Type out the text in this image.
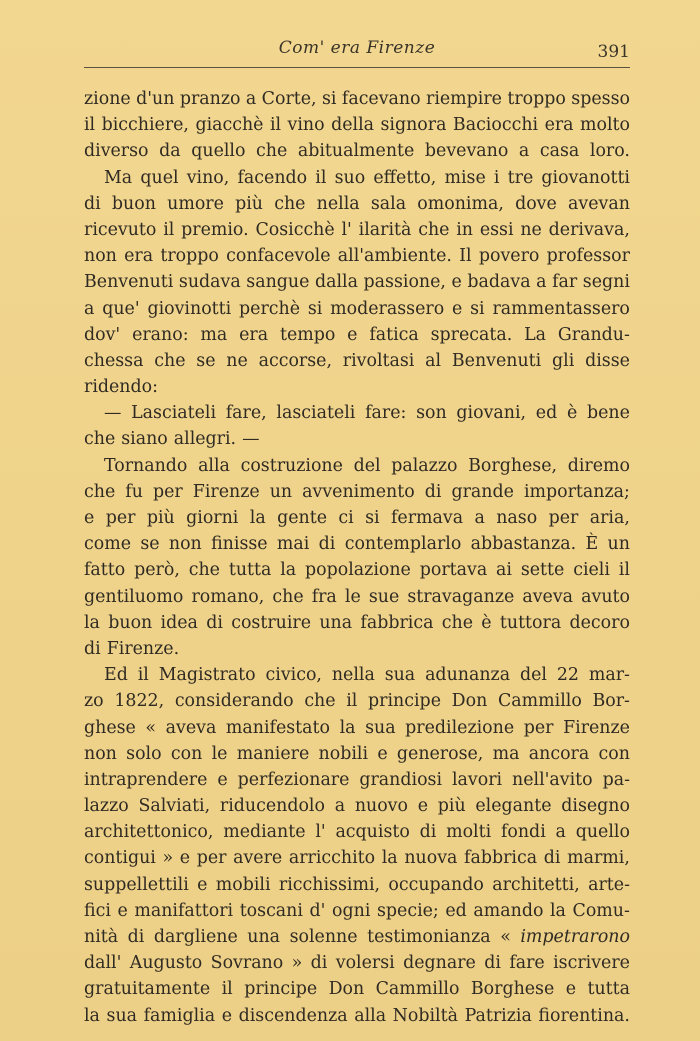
Com' era Firenze	391
zione d'un pranzo a Corte, si facevano riempire troppo spesso
il bicchiere, giacchè il vino della signora Baciocchi era molto
diverso da quello che abitualmente bevevano a casa loro.
Ma quel vino, facendo il suo effetto, mise i tre giovanotti
di buon umore più che nella sala omonima, dove avevan
ricevuto il premio. Cosicchè l' ilarità che in essi ne derivava,
non era troppo confacevole all'ambiente. Il povero professor
Benvenuti sudava sangue dalla passione, e badava a far segni
a que' giovinotti perchè si moderassero e si rammentassero
dov' erano: ma era tempo e fatica sprecata. La Grandu-
chessa che se ne accorse, rivoltasi al Benvenuti gli disse
ridendo:
— Lasciateli fare, lasciateli fare: son giovani, ed è bene
che siano allegri. —
Tornando alla costruzione del palazzo Borghese, diremo
che fu per Firenze un avvenimento di grande importanza;
e per più giorni la gente ci si fermava a naso per aria,
come se non finisse mai di contemplarlo abbastanza. È un
fatto però, che tutta la popolazione portava ai sette cieli il
gentiluomo romano, che fra le sue stravaganze aveva avuto
la buon idea di costruire una fabbrica che è tuttora decoro
di Firenze.
Ed il Magistrato civico, nella sua adunanza del 22 mar-
zo 1822, considerando che il principe Don Cammillo Bor-
ghese « aveva manifestato la sua predilezione per Firenze
non solo con le maniere nobili e generose, ma ancora con
intraprendere e perfezionare grandiosi lavori nell'avito pa-
lazzo Salviati, riducendolo a nuovo e più elegante disegno
architettonico, mediante l' acquisto di molti fondi a quello
contigui » e per avere arricchito la nuova fabbrica di marmi,
suppellettili e mobili ricchissimi, occupando architetti, arte-
fici e manifattori toscani d' ogni specie; ed amando la Comu-
nità di dargliene una solenne testimonianza « impetrarono
dall' Augusto Sovrano » di volersi degnare di fare iscrivere
gratuitamente il principe Don Cammillo Borghese e tutta
la sua famiglia e discendenza alla Nobiltà Patrizia fiorentina.
